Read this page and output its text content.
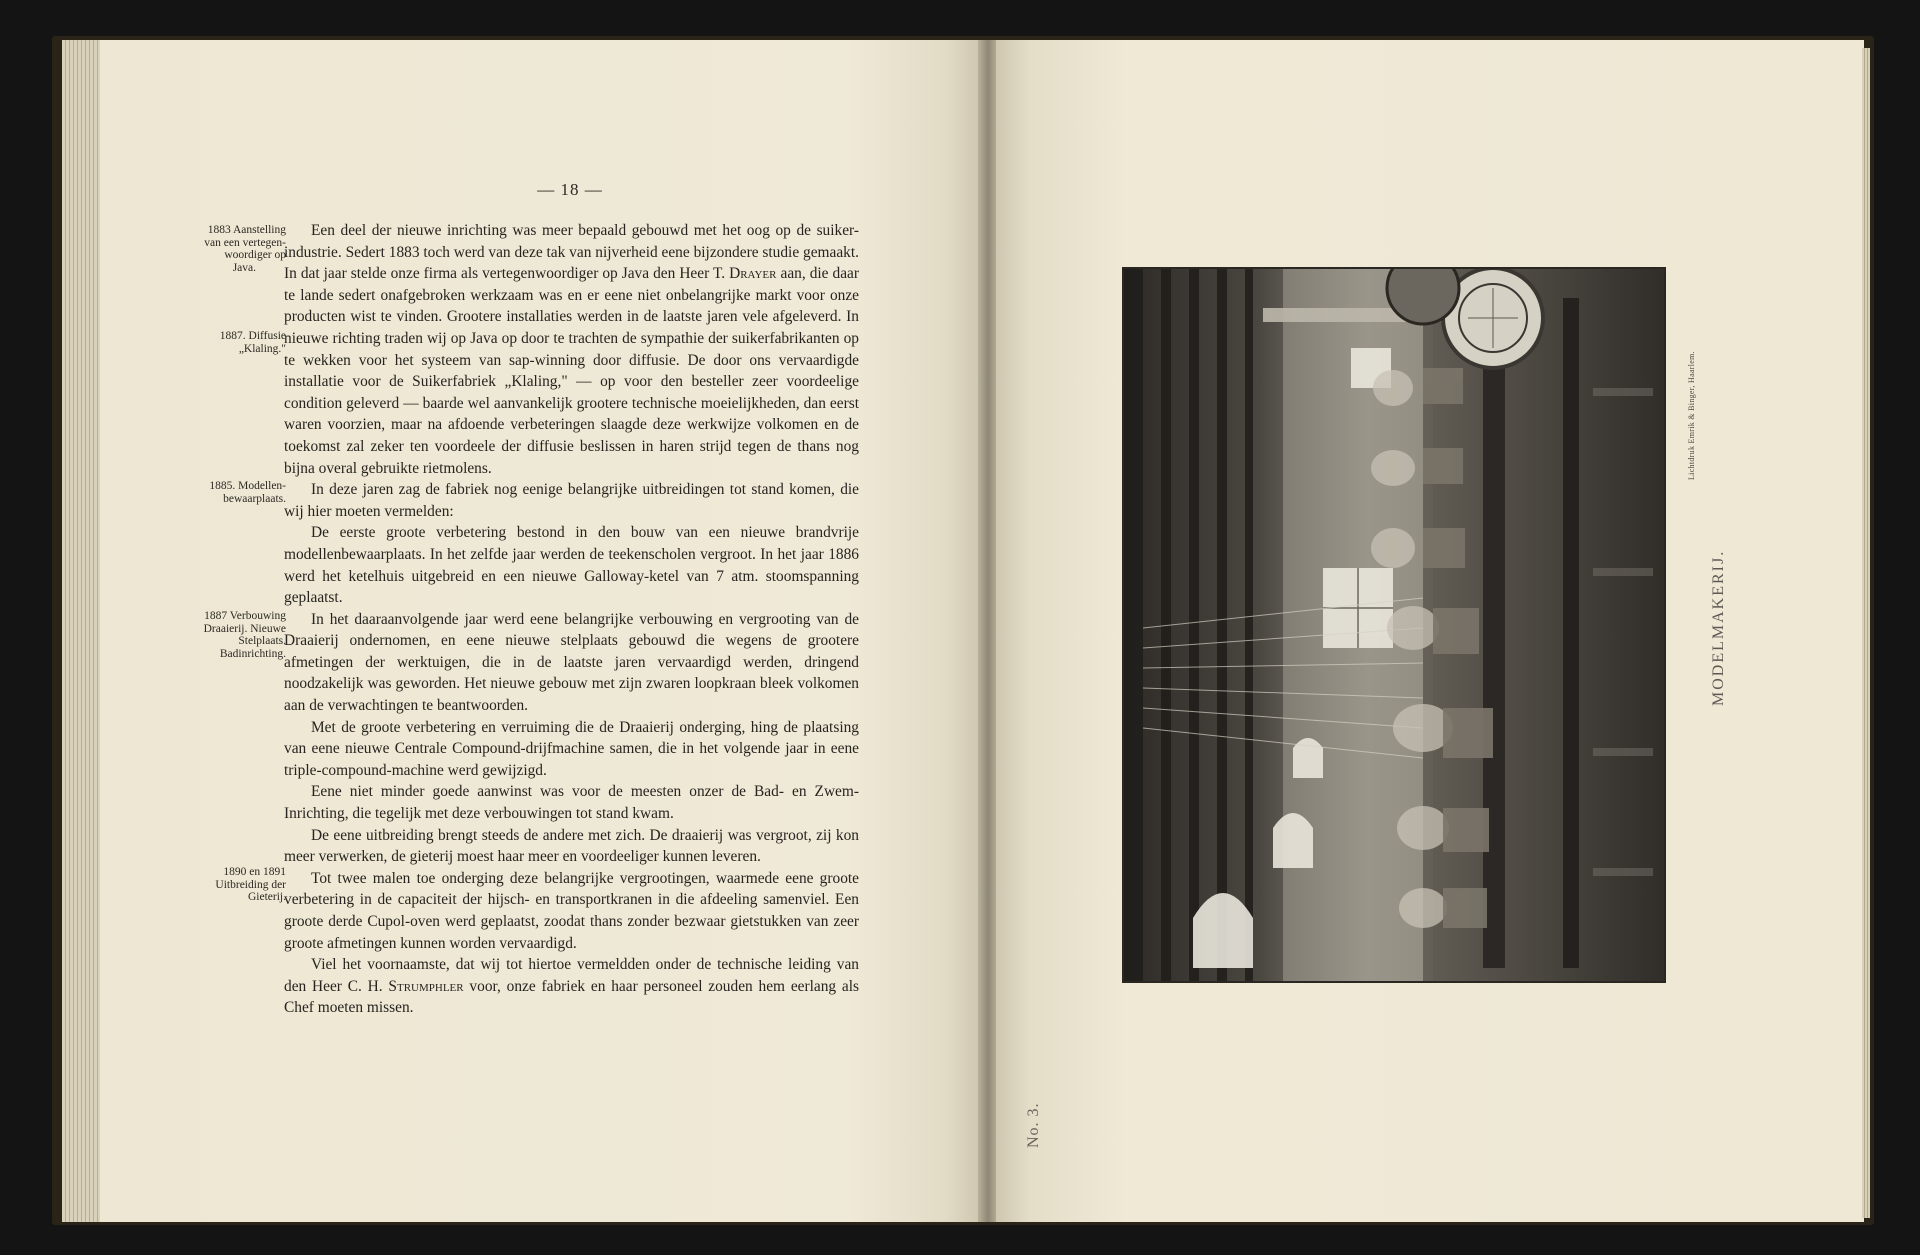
— 18 —
1883 Aanstelling
van een vertegen-
woordiger op
Java.
1887. Diffusie
„Klaling."
1885. Modellen-
bewaarplaats.
1887 Verbouwing
Draaierij. Nieuwe
Stelplaats.
Badinrichting.
1890 en 1891
Uitbreiding der
Gieterij.

Een deel der nieuwe inrichting was meer bepaald gebouwd met het oog op de suiker-industrie. Sedert 1883 toch werd van deze tak van nijverheid eene bijzondere studie gemaakt. In dat jaar stelde onze firma als vertegenwoordiger op Java den Heer T. Drayer aan, die daar te lande sedert onafgebroken werkzaam was en er eene niet onbelangrijke markt voor onze producten wist te vinden. Grootere installaties werden in de laatste jaren vele afgeleverd. In nieuwe richting traden wij op Java op door te trachten de sympathie der suikerfabrikanten op te wekken voor het systeem van sap-winning door diffusie. De door ons vervaardigde installatie voor de Suikerfabriek „Klaling," — op voor den besteller zeer voordeelige condition geleverd — baarde wel aanvankelijk grootere technische moeielijkheden, dan eerst waren voorzien, maar na afdoende verbeteringen slaagde deze werkwijze volkomen en de toekomst zal zeker ten voordeele der diffusie beslissen in haren strijd tegen de thans nog bijna overal gebruikte rietmolens.

In deze jaren zag de fabriek nog eenige belangrijke uitbreidingen tot stand komen, die wij hier moeten vermelden:

De eerste groote verbetering bestond in den bouw van een nieuwe brandvrije modellenbewaarplaats. In het zelfde jaar werden de teekenscholen vergroot. In het jaar 1886 werd het ketelhuis uitgebreid en een nieuwe Galloway-ketel van 7 atm. stoomspanning geplaatst.

In het daaraanvolgende jaar werd eene belangrijke verbouwing en vergrooting van de Draaierij ondernomen, en eene nieuwe stelplaats gebouwd die wegens de grootere afmetingen der werktuigen, die in de laatste jaren vervaardigd werden, dringend noodzakelijk was geworden. Het nieuwe gebouw met zijn zwaren loopkraan bleek volkomen aan de verwachtingen te beantwoorden.

Met de groote verbetering en verruiming die de Draaierij onderging, hing de plaatsing van eene nieuwe Centrale Compound-drijfmachine samen, die in het volgende jaar in eene triple-compound-machine werd gewijzigd.

Eene niet minder goede aanwinst was voor de meesten onzer de Bad- en Zwem-Inrichting, die tegelijk met deze verbouwingen tot stand kwam.

De eene uitbreiding brengt steeds de andere met zich. De draaierij was vergroot, zij kon meer verwerken, de gieterij moest haar meer en voordeeliger kunnen leveren.

Tot twee malen toe onderging deze belangrijke vergrootingen, waarmede eene groote verbetering in de capaciteit der hijsch- en transportkranen in die afdeeling samenviel. Een groote derde Cupol-oven werd geplaatst, zoodat thans zonder bezwaar gietstukken van zeer groote afmetingen kunnen worden vervaardigd.

Viel het voornaamste, dat wij tot hiertoe vermeldden onder de technische leiding van den Heer C. H. Strumphler voor, onze fabriek en haar personeel zouden hem eerlang als Chef moeten missen.

Lichtdruk Emrik & Binger, Haarlem.
MODELMAKERIJ.
No. 3.
